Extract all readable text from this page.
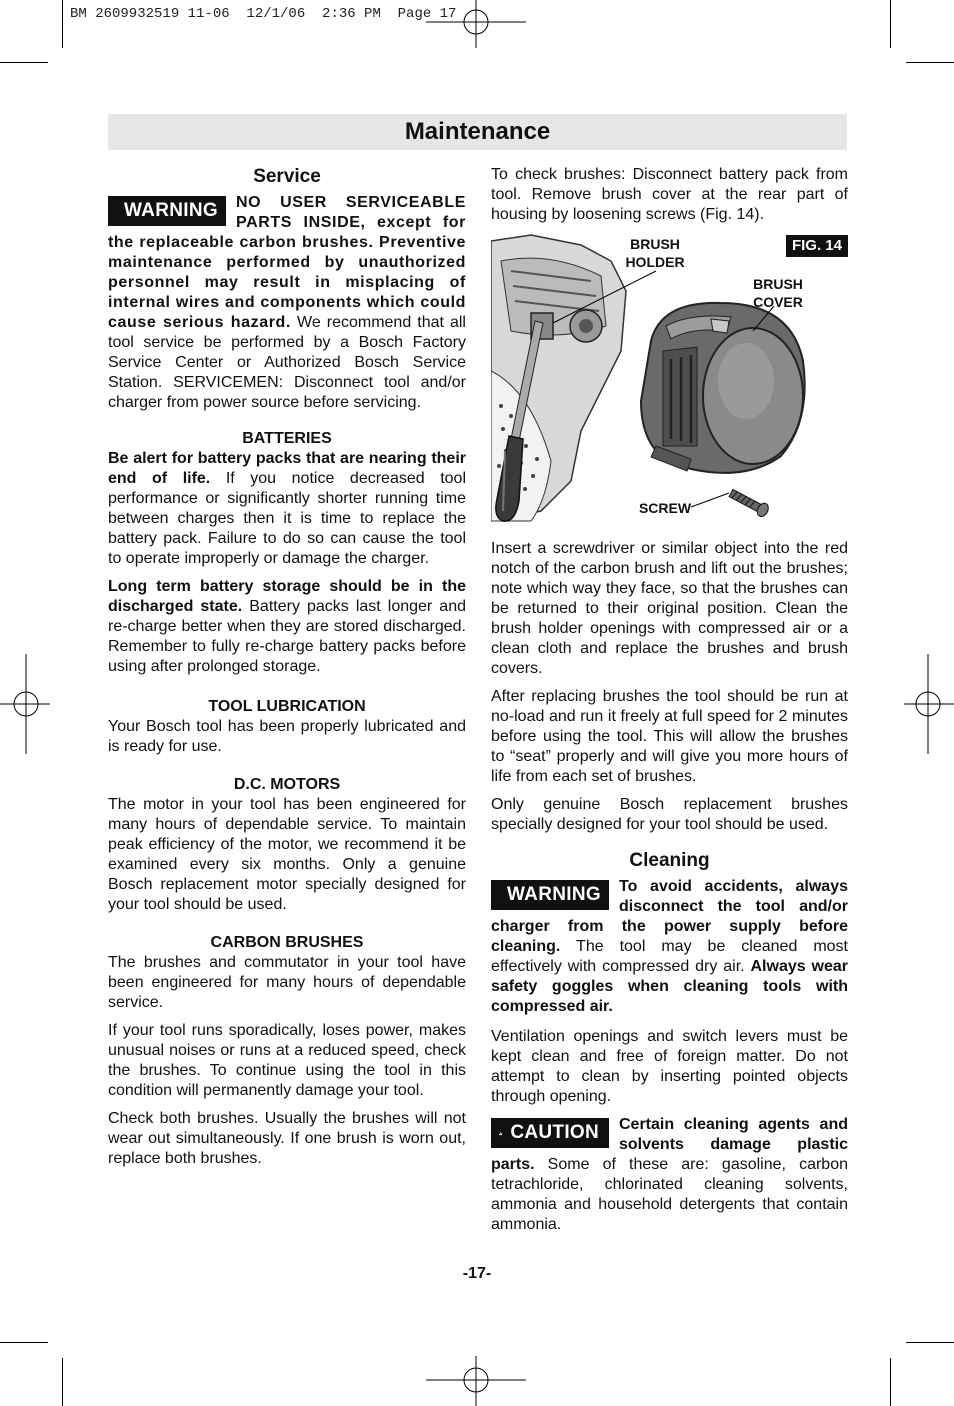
BM 2609932519 11-06  12/1/06  2:36 PM  Page 17
Maintenance
Service

WARNING NO USER SERVICEABLE PARTS INSIDE, except for the replaceable carbon brushes. Preventive maintenance performed by unauthorized personnel may result in misplacing of internal wires and components which could cause serious hazard. We recommend that all tool service be performed by a Bosch Factory Service Center or Authorized Bosch Service Station. SERVICEMEN: Disconnect tool and/or charger from power source before servicing.

BATTERIES

Be alert for battery packs that are nearing their end of life. If you notice decreased tool performance or significantly shorter running time between charges then it is time to replace the battery pack. Failure to do so can cause the tool to operate improperly or damage the charger.

Long term battery storage should be in the discharged state. Battery packs last longer and re-charge better when they are stored discharged. Remember to fully re-charge battery packs before using after prolonged storage.

TOOL LUBRICATION

Your Bosch tool has been properly lubricated and is ready for use.

D.C. MOTORS

The motor in your tool has been engineered for many hours of dependable service. To maintain peak efficiency of the motor, we recommend it be examined every six months. Only a genuine Bosch replacement motor specially designed for your tool should be used.

CARBON BRUSHES

The brushes and commutator in your tool have been engineered for many hours of dependable service.

If your tool runs sporadically, loses power, makes unusual noises or runs at a reduced speed, check the brushes. To continue using the tool in this condition will permanently damage your tool.

Check both brushes. Usually the brushes will not wear out simultaneously. If one brush is worn out, replace both brushes.

To check brushes: Disconnect battery pack from tool. Remove brush cover at the rear part of housing by loosening screws (Fig. 14).

FIG. 14
BRUSH
HOLDER
BRUSH
COVER
SCREW

Insert a screwdriver or similar object into the red notch of the carbon brush and lift out the brushes; note which way they face, so that the brushes can be returned to their original position. Clean the brush holder openings with compressed air or a clean cloth and replace the brushes and brush covers.

After replacing brushes the tool should be run at no-load and run it freely at full speed for 2 minutes before using the tool. This will allow the brushes to “seat” properly and will give you more hours of life from each set of brushes.

Only genuine Bosch replacement brushes specially designed for your tool should be used.

Cleaning

WARNING To avoid accidents, always disconnect the tool and/or charger from the power supply before cleaning. The tool may be cleaned most effectively with compressed dry air. Always wear safety goggles when cleaning tools with compressed air.

Ventilation openings and switch levers must be kept clean and free of foreign matter. Do not attempt to clean by inserting pointed objects through opening.

CAUTION Certain cleaning agents and solvents damage plastic parts. Some of these are: gasoline, carbon tetrachloride, chlorinated cleaning solvents, ammonia and household detergents that contain ammonia.

-17-
